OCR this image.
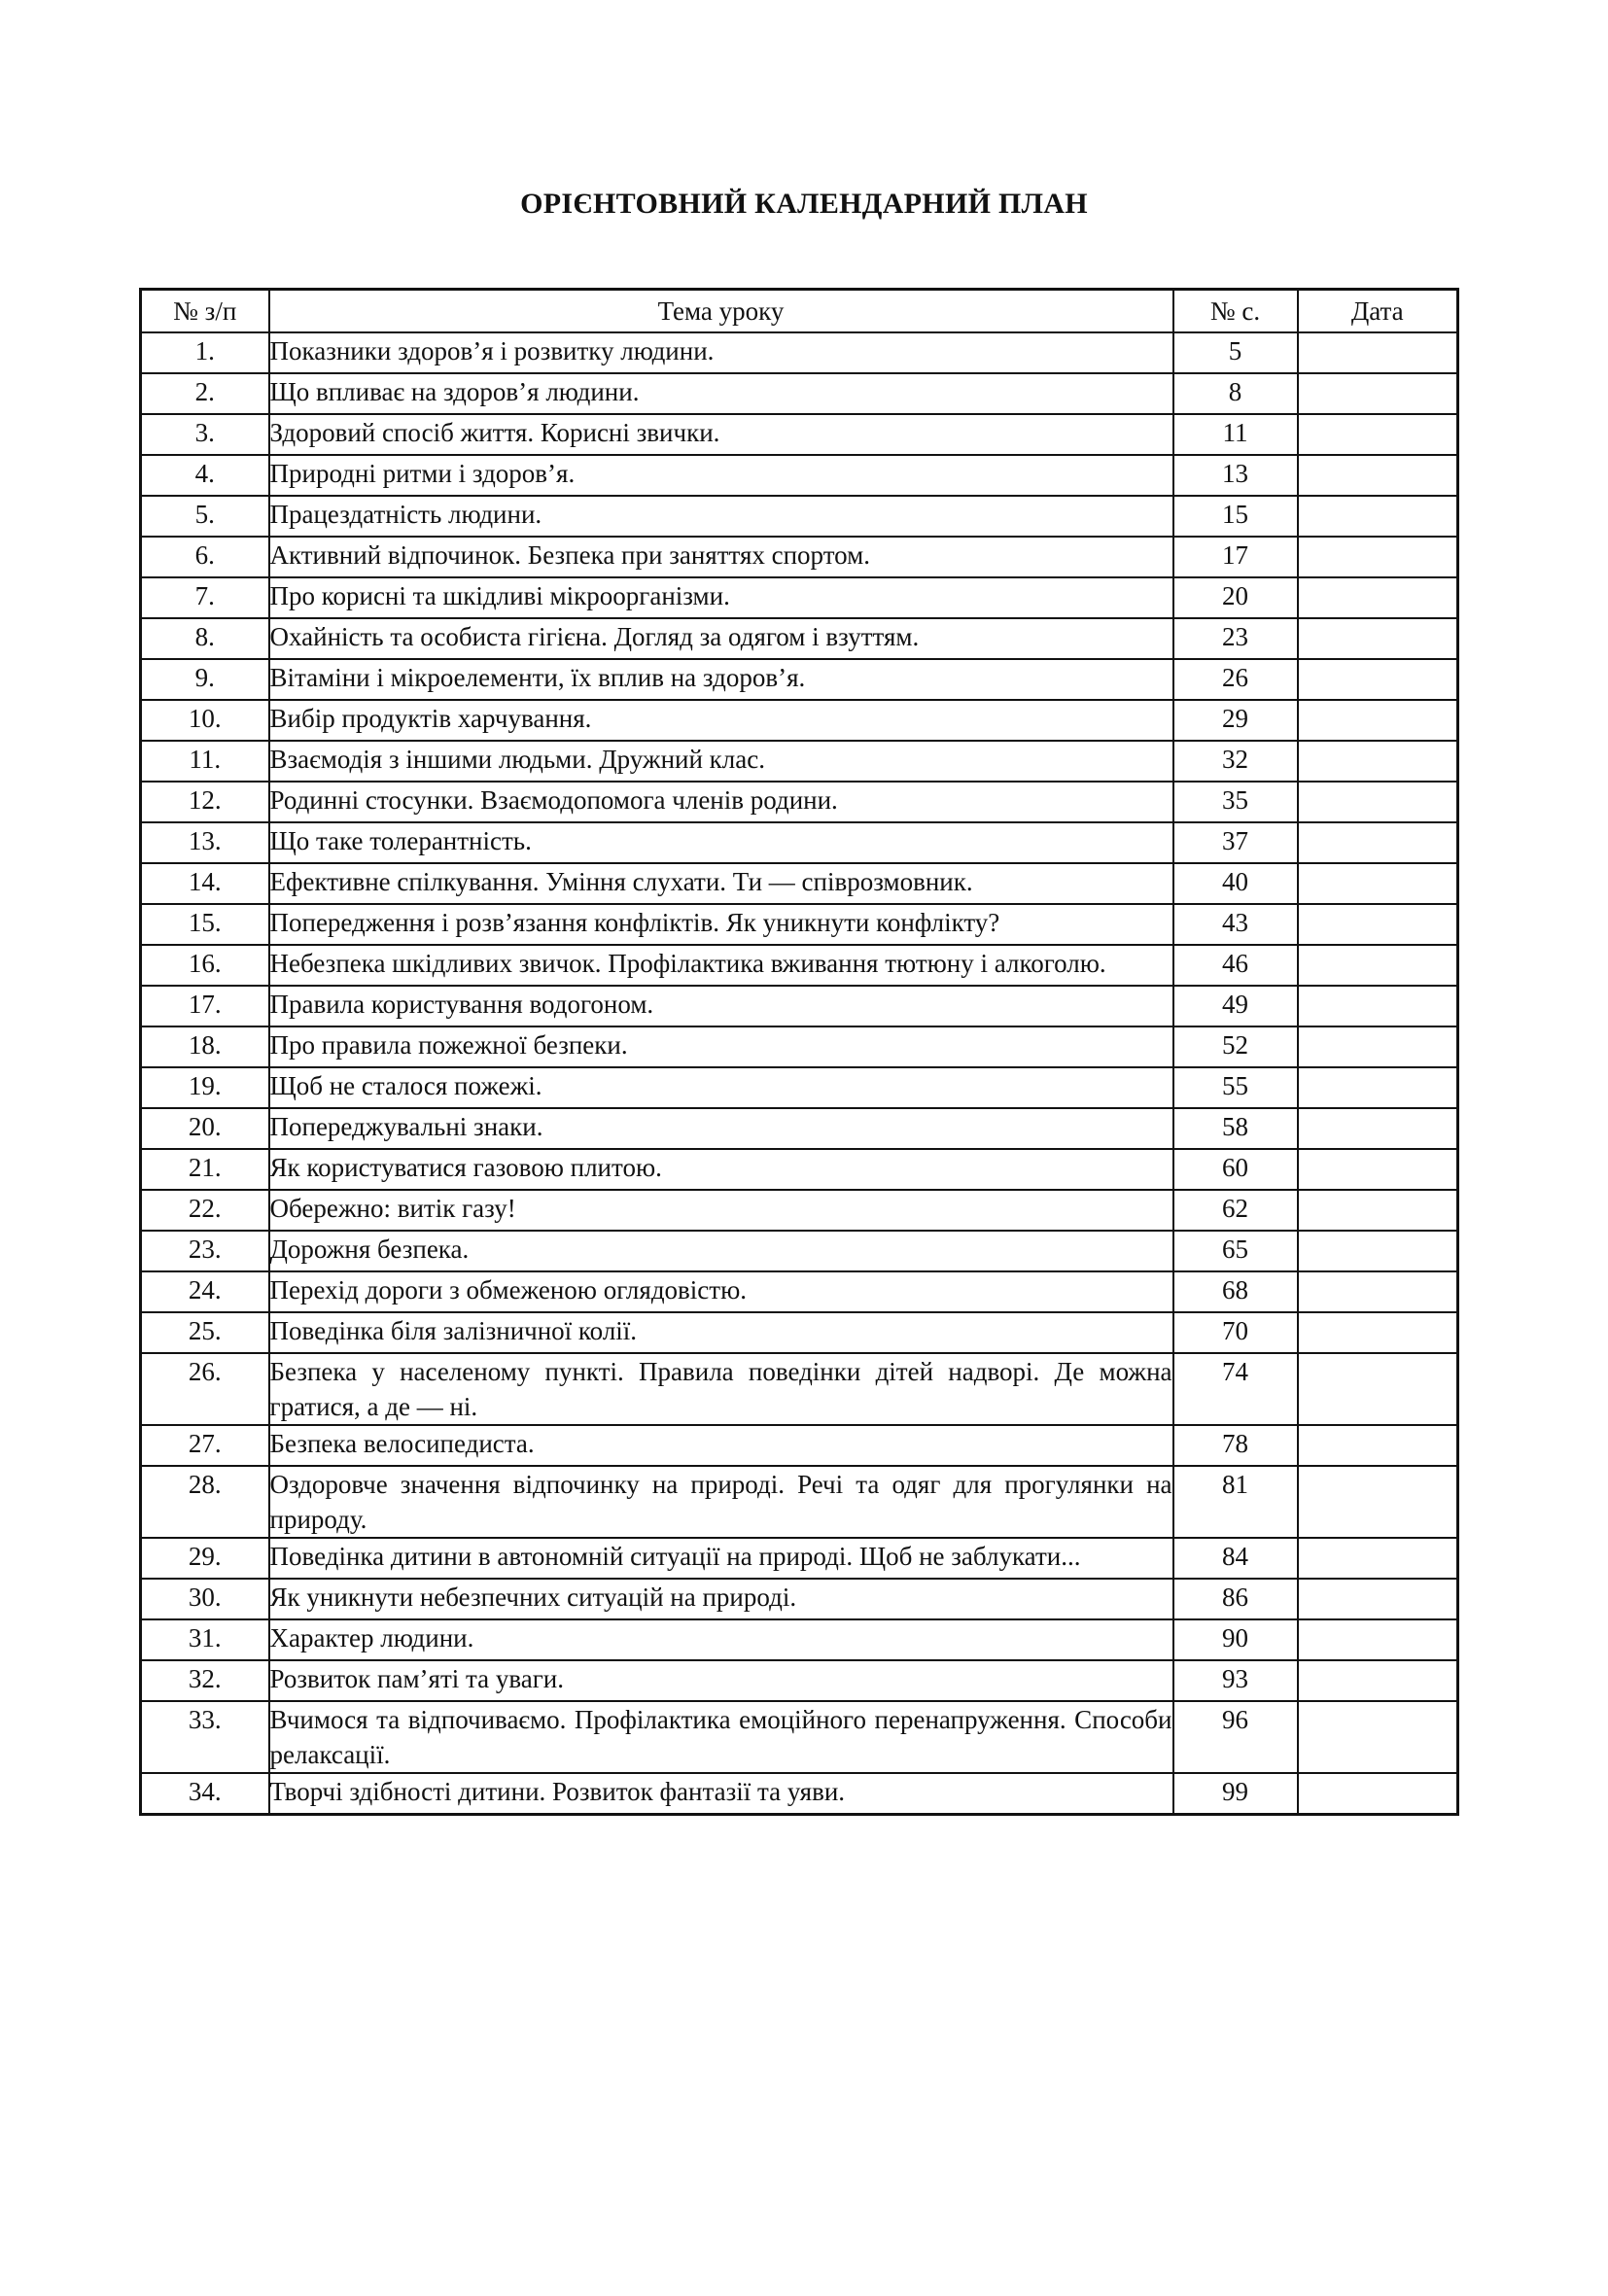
ОРІЄНТОВНИЙ КАЛЕНДАРНИЙ ПЛАН
№ з/п	Тема уроку	№ с.	Дата
1.	Показники здоров’я і розвитку людини.	5	
2.	Що впливає на здоров’я людини.	8	
3.	Здоровий спосіб життя. Корисні звички.	11	
4.	Природні ритми і здоров’я.	13	
5.	Працездатність людини.	15	
6.	Активний відпочинок. Безпека при заняттях спортом.	17	
7.	Про корисні та шкідливі мікроорганізми.	20	
8.	Охайність та особиста гігієна. Догляд за одягом і взуттям.	23	
9.	Вітаміни і мікроелементи, їх вплив на здоров’я.	26	
10.	Вибір продуктів харчування.	29	
11.	Взаємодія з іншими людьми. Дружний клас.	32	
12.	Родинні стосунки. Взаємодопомога членів родини.	35	
13.	Що таке толерантність.	37	
14.	Ефективне спілкування. Уміння слухати. Ти — співрозмовник.	40	
15.	Попередження і розв’язання конфліктів. Як уникнути конфлікту?	43	
16.	Небезпека шкідливих звичок. Профілактика вживання тютюну і алкоголю.	46	
17.	Правила користування водогоном.	49	
18.	Про правила пожежної безпеки.	52	
19.	Щоб не сталося пожежі.	55	
20.	Попереджувальні знаки.	58	
21.	Як користуватися газовою плитою.	60	
22.	Обережно: витік газу!	62	
23.	Дорожня безпека.	65	
24.	Перехід дороги з обмеженою оглядовістю.	68	
25.	Поведінка біля залізничної колії.	70	
26.	Безпека у населеному пункті. Правила поведінки дітей надворі. Де можна гратися, а де — ні.	74	
27.	Безпека велосипедиста.	78	
28.	Оздоровче значення відпочинку на природі. Речі та одяг для прогулянки на природу.	81	
29.	Поведінка дитини в автономній ситуації на природі. Щоб не заблукати...	84	
30.	Як уникнути небезпечних ситуацій на природі.	86	
31.	Характер людини.	90	
32.	Розвиток пам’яті та уваги.	93	
33.	Вчимося та відпочиваємо. Профілактика емоційного перенапруження. Способи релаксації.	96	
34.	Творчі здібності дитини. Розвиток фантазії та уяви.	99	
